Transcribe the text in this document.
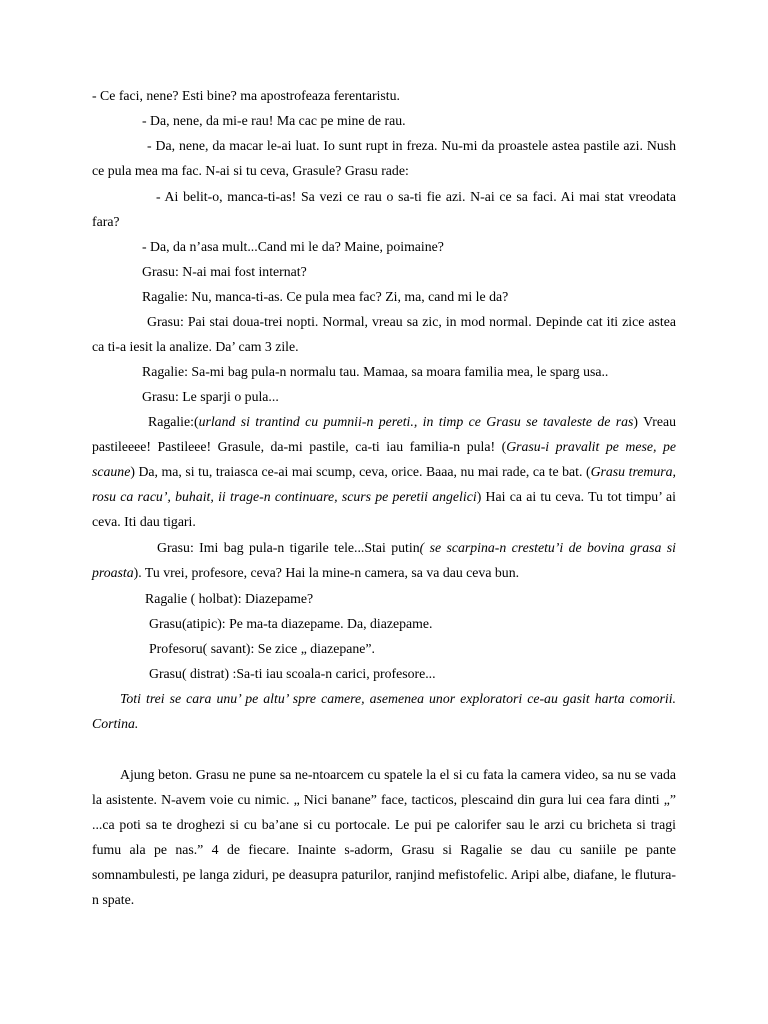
- Ce faci, nene? Esti bine? ma apostrofeaza ferentaristu.

- Da, nene, da mi-e rau! Ma cac pe mine de rau.

- Da, nene, da macar le-ai luat. Io sunt rupt in freza. Nu-mi da proastele astea pastile azi. Nush ce pula mea ma fac. N-ai si tu ceva, Grasule? Grasu rade:

- Ai belit-o, manca-ti-as! Sa vezi ce rau o sa-ti fie azi. N-ai ce sa faci. Ai mai stat vreodata fara?

- Da, da n’asa mult...Cand mi le da? Maine, poimaine?

Grasu: N-ai mai fost internat?

Ragalie: Nu, manca-ti-as. Ce pula mea fac? Zi, ma, cand mi le da?

Grasu: Pai stai doua-trei nopti. Normal, vreau sa zic, in mod normal. Depinde cat iti zice astea ca ti-a iesit la analize. Da’ cam 3 zile.

Ragalie: Sa-mi bag pula-n normalu tau. Mamaa, sa moara familia mea, le sparg usa..

Grasu: Le sparji o pula...

Ragalie:(urland si trantind cu pumnii-n pereti., in timp ce Grasu se tavaleste de ras) Vreau pastileeee! Pastileee! Grasule, da-mi pastile, ca-ti iau familia-n pula! (Grasu-i pravalit pe mese, pe scaune) Da, ma, si tu, traiasca ce-ai mai scump, ceva, orice. Baaa, nu mai rade, ca te bat. (Grasu tremura, rosu ca racu’, buhait, ii trage-n continuare, scurs pe peretii angelici) Hai ca ai tu ceva. Tu tot timpu’ ai ceva. Iti dau tigari.

Grasu: Imi bag pula-n tigarile tele...Stai putin( se scarpina-n crestetu’i de bovina grasa si proasta). Tu vrei, profesore, ceva? Hai la mine-n camera, sa va dau ceva bun.

Ragalie ( holbat): Diazepame?

Grasu(atipic): Pe ma-ta diazepame. Da, diazepame.

Profesoru( savant): Se zice „ diazepane”.

Grasu( distrat) :Sa-ti iau scoala-n carici, profesore...

Toti trei se cara unu’ pe altu’ spre camere, asemenea unor exploratori ce-au gasit harta comorii. Cortina.

Ajung beton. Grasu ne pune sa ne-ntoarcem cu spatele la el si cu fata la camera video, sa nu se vada la asistente. N-avem voie cu nimic. „ Nici banane” face, tacticos, plescaind din gura lui cea fara dinti „” ...ca poti sa te droghezi si cu ba’ane si cu portocale. Le pui pe calorifer sau le arzi cu bricheta si tragi fumu ala pe nas.” 4 de fiecare. Inainte s-adorm, Grasu si Ragalie se dau cu saniile pe pante somnambulesti, pe langa ziduri, pe deasupra paturilor, ranjind mefistofelic. Aripi albe, diafane, le flutura-n spate.
